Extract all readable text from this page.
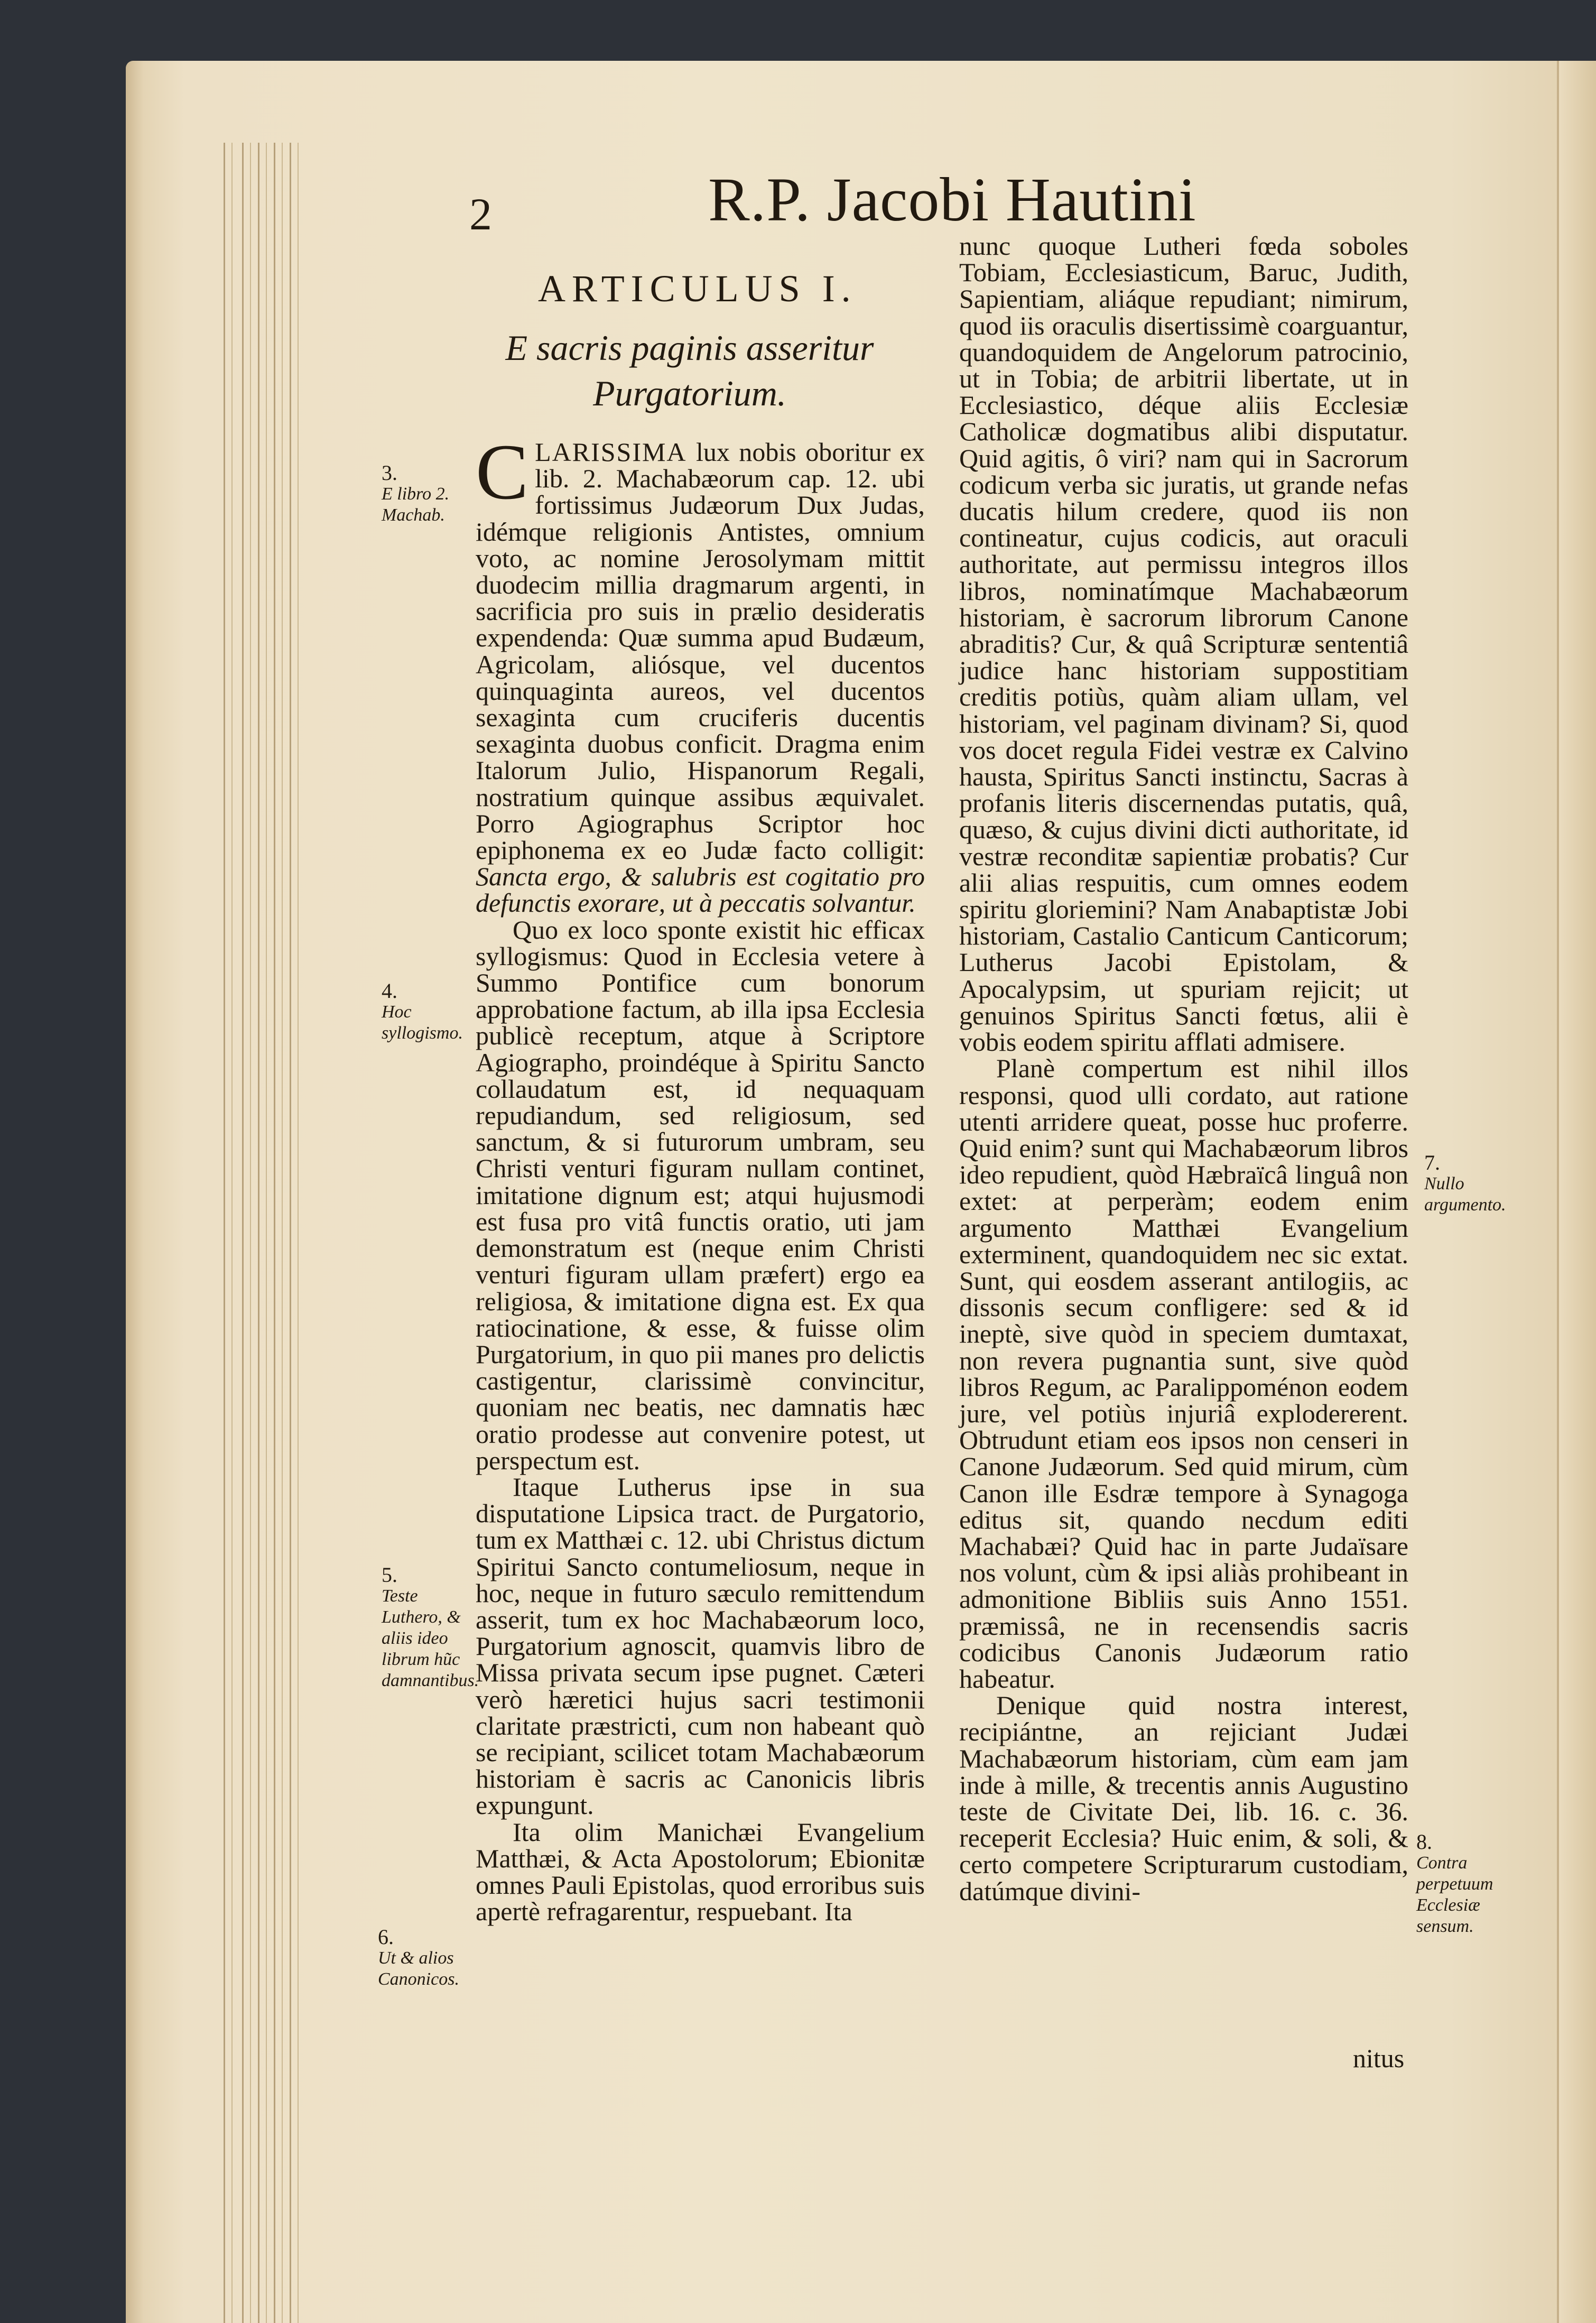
2	R.P. Jacobi Hautini
ARTICULUS I.
E sacris paginis asseritur
Purgatorium.

CLARISSIMA lux nobis oboritur ex lib. 2. Machabæorum cap. 12. ubi fortissimus Judæorum Dux Judas, idémque religionis Antistes, omnium voto, ac nomine Jerosolymam mittit duodecim millia dragmarum argenti, in sacrificia pro suis in prælio desideratis expendenda: Quæ summa apud Budæum, Agricolam, aliósque, vel ducentos quinquaginta aureos, vel ducentos sexaginta cum cruciferis ducentis sexaginta duobus conficit. Dragma enim Italorum Julio, Hispanorum Regali, nostratium quinque assibus æquivalet. Porro Agiographus Scriptor hoc epiphonema ex eo Judæ facto colligit: Sancta ergo, & salubris est cogitatio pro defunctis exorare, ut à peccatis solvantur.

Quo ex loco sponte existit hic efficax syllogismus: Quod in Ecclesia vetere à Summo Pontifice cum bonorum approbatione factum, ab illa ipsa Ecclesia publicè receptum, atque à Scriptore Agiographo, proindéque à Spiritu Sancto collaudatum est, id nequaquam repudiandum, sed religiosum, sed sanctum, & si futurorum umbram, seu Christi venturi figuram nullam continet, imitatione dignum est; atqui hujusmodi est fusa pro vitâ functis oratio, uti jam demonstratum est (neque enim Christi venturi figuram ullam præfert) ergo ea religiosa, & imitatione digna est. Ex qua ratiocinatione, & esse, & fuisse olim Purgatorium, in quo pii manes pro delictis castigentur, clarissimè convincitur, quoniam nec beatis, nec damnatis hæc oratio prodesse aut convenire potest, ut perspectum est.

Itaque Lutherus ipse in sua disputatione Lipsica tract. de Purgatorio, tum ex Matthæi c. 12. ubi Christus dictum Spiritui Sancto contumeliosum, neque in hoc, neque in futuro sæculo remittendum asserit, tum ex hoc Machabæorum loco, Purgatorium agnoscit, quamvis libro de Missa privata secum ipse pugnet. Cæteri verò hæretici hujus sacri testimonii claritate præstricti, cum non habeant quò se recipiant, scilicet totam Machabæorum historiam è sacris ac Canonicis libris expungunt.

Ita olim Manichæi Evangelium Matthæi, & Acta Apostolorum; Ebionitæ omnes Pauli Epistolas, quod erroribus suis apertè refragarentur, respuebant. Ita

nunc quoque Lutheri fœda soboles Tobiam, Ecclesiasticum, Baruc, Judith, Sapientiam, aliáque repudiant; nimirum, quod iis oraculis disertissimè coarguantur, quandoquidem de Angelorum patrocinio, ut in Tobia; de arbitrii libertate, ut in Ecclesiastico, déque aliis Ecclesiæ Catholicæ dogmatibus alibi disputatur. Quid agitis, ô viri? nam qui in Sacrorum codicum verba sic juratis, ut grande nefas ducatis hilum credere, quod iis non contineatur, cujus codicis, aut oraculi authoritate, aut permissu integros illos libros, nominatímque Machabæorum historiam, è sacrorum librorum Canone abraditis? Cur, & quâ Scripturæ sententiâ judice hanc historiam suppostitiam creditis potiùs, quàm aliam ullam, vel historiam, vel paginam divinam? Si, quod vos docet regula Fidei vestræ ex Calvino hausta, Spiritus Sancti instinctu, Sacras à profanis literis discernendas putatis, quâ, quæso, & cujus divini dicti authoritate, id vestræ reconditæ sapientiæ probatis? Cur alii alias respuitis, cum omnes eodem spiritu gloriemini? Nam Anabaptistæ Jobi historiam, Castalio Canticum Canticorum; Lutherus Jacobi Epistolam, & Apocalypsim, ut spuriam rejicit; ut genuinos Spiritus Sancti fœtus, alii è vobis eodem spiritu afflati admisere.

Planè compertum est nihil illos responsi, quod ulli cordato, aut ratione utenti arridere queat, posse huc proferre. Quid enim? sunt qui Machabæorum libros ideo repudient, quòd Hæbraïcâ linguâ non extet: at perperàm; eodem enim argumento Matthæi Evangelium exterminent, quandoquidem nec sic extat. Sunt, qui eosdem asserant antilogiis, ac dissonis secum confligere: sed & id ineptè, sive quòd in speciem dumtaxat, non reverа pugnantia sunt, sive quòd libros Regum, ac Paralippoménon eodem jure, vel potiùs injuriâ explodererent. Obtrudunt etiam eos ipsos non censeri in Canone Judæorum. Sed quid mirum, cùm Canon ille Esdræ tempore à Synagoga editus sit, quando necdum editi Machabæi? Quid hac in parte Judaïsare nos volunt, cùm & ipsi aliàs prohibeant in admonitione Bibliis suis Anno 1551. præmissâ, ne in recensendis sacris codicibus Canonis Judæorum ratio habeatur.

Denique quid nostra interest, recipiántne, an rejiciant Judæi Machabæorum historiam, cùm eam jam inde à mille, & trecentis annis Augustino teste de Civitate Dei, lib. 16. c. 36. receperit Ecclesia? Huic enim, & soli, & certo competere Scripturarum custodiam, datúmque divini-

nitus
3.
E libro 2. Machab.
4.
Hoc syllogismo.
5.
Teste Luthero, & aliis ideo librum hũc damnantibus.
6.
Ut & alios Canonicos.
7.
Nullo argumento.
8.
Contra perpetuum Ecclesiæ sensum.
